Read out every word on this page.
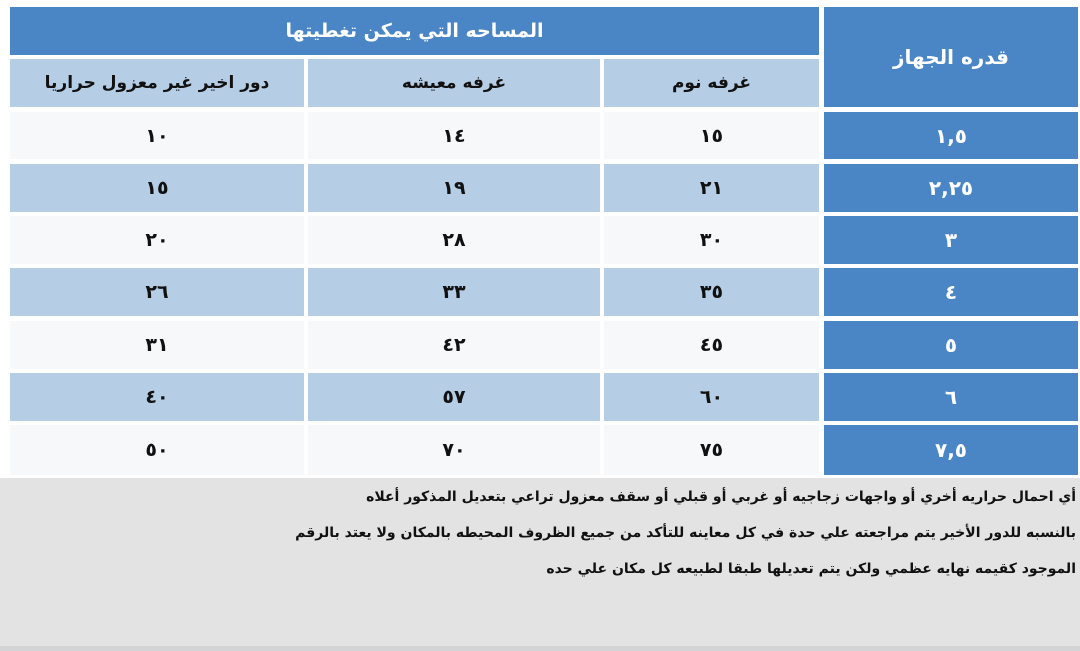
قدره الجهاز
المساحه التي يمكن تغطيتها
غرفه نوم
غرفه معيشه
دور اخير غير معزول حراريا
١,٥
١٥
١٤
١٠
٢,٢٥
٢١
١٩
١٥
٣
٣٠
٢٨
٢٠
٤
٣٥
٣٣
٢٦
٥
٤٥
٤٢
٣١
٦
٦٠
٥٧
٤٠
٧,٥
٧٥
٧٠
٥٠
أي احمال حراريه أخري أو واجهات زجاجيه أو غربي أو قبلي أو سقف معزول تراعي بتعديل المذكور أعلاه
بالنسبه للدور الأخير يتم مراجعته علي حدة في كل معاينه للتأكد من جميع الظروف المحيطه بالمكان ولا يعتد بالرقم
الموجود كقيمه نهايه عظمي ولكن يتم تعديلها طبقا لطبيعه كل مكان علي حده
